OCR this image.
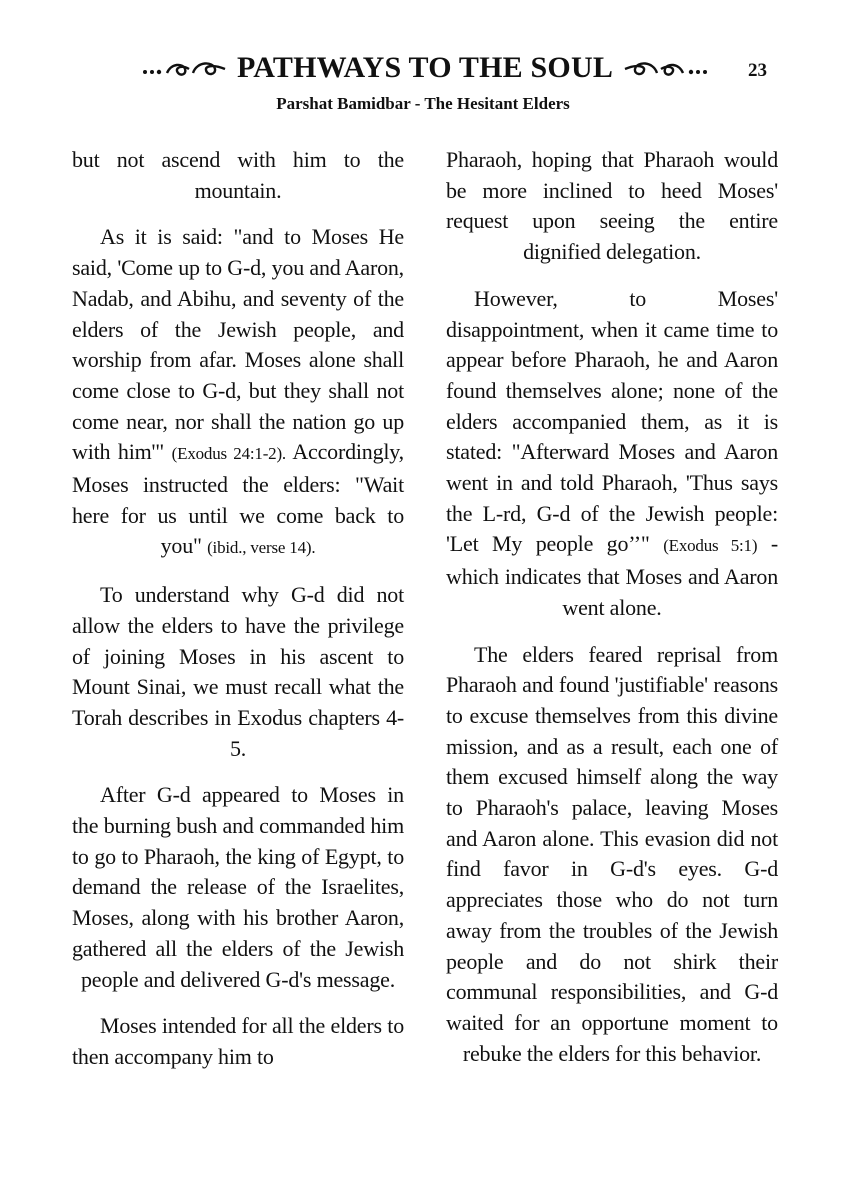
PATHWAYS TO THE SOUL	23
Parshat Bamidbar - The Hesitant Elders

but not ascend with him to the mountain.

As it is said: "and to Moses He said, 'Come up to G-d, you and Aaron, Nadab, and Abihu, and seventy of the elders of the Jewish people, and worship from afar. Moses alone shall come close to G-d, but they shall not come near, nor shall the nation go up with him'" (Exodus 24:1-2). Accordingly, Moses instructed the elders: "Wait here for us until we come back to you" (ibid., verse 14).

To understand why G-d did not allow the elders to have the privilege of joining Moses in his ascent to Mount Sinai, we must recall what the Torah describes in Exodus chapters 4-5.

After G-d appeared to Moses in the burning bush and commanded him to go to Pharaoh, the king of Egypt, to demand the release of the Israelites, Moses, along with his brother Aaron, gathered all the elders of the Jewish people and delivered G-d's message.

Moses intended for all the elders to then accompany him to

Pharaoh, hoping that Pharaoh would be more inclined to heed Moses' request upon seeing the entire dignified delegation.

However, to Moses' disappointment, when it came time to appear before Pharaoh, he and Aaron found themselves alone; none of the elders accompanied them, as it is stated: "Afterward Moses and Aaron went in and told Pharaoh, 'Thus says the L-rd, G-d of the Jewish people: 'Let My people go’’" (Exodus 5:1) - which indicates that Moses and Aaron went alone.

The elders feared reprisal from Pharaoh and found 'justifiable' reasons to excuse themselves from this divine mission, and as a result, each one of them excused himself along the way to Pharaoh's palace, leaving Moses and Aaron alone. This evasion did not find favor in G-d's eyes. G-d appreciates those who do not turn away from the troubles of the Jewish people and do not shirk their communal responsibilities, and G-d waited for an opportune moment to rebuke the elders for this behavior.
